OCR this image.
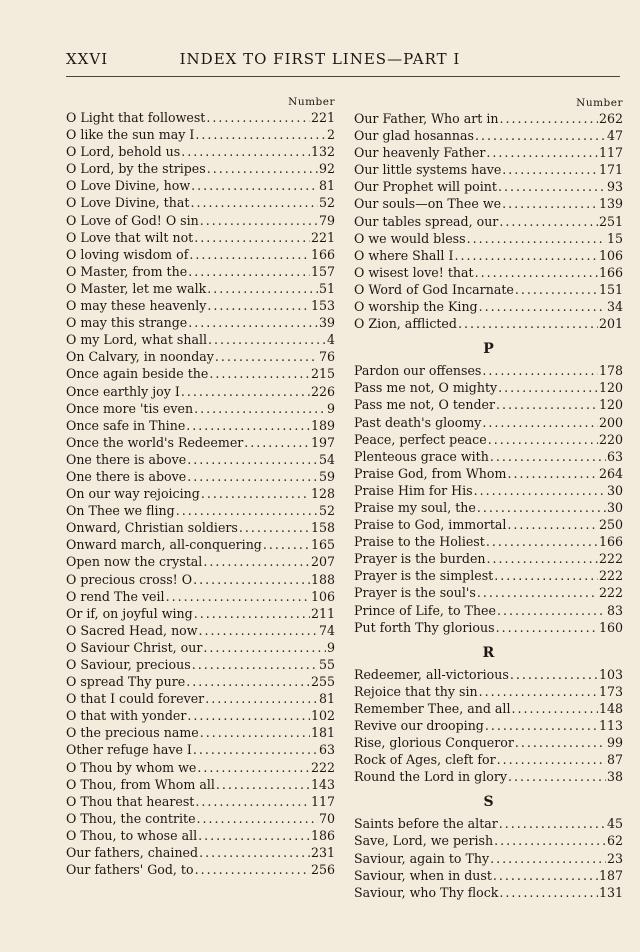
XXVI	INDEX TO FIRST LINES—PART I
Number
O Light that followest .....	221
O like the sun may I .....	2
O Lord, behold us .....	132
O Lord, by the stripes .....	92
O Love Divine, how .....	81
O Love Divine, that .....	52
O Love of God! O sin .....	79
O Love that wilt not .....	221
O loving wisdom of .....	166
O Master, from the .....	157
O Master, let me walk .....	51
O may these heavenly .....	153
O may this strange .....	39
O my Lord, what shall .....	4
On Calvary, in noonday .....	76
Once again beside the .....	215
Once earthly joy I .....	226
Once more 'tis even .....	9
Once safe in Thine .....	189
Once the world's Redeemer .....	197
One there is above .....	54
One there is above .....	59
On our way rejoicing .....	128
On Thee we fling .....	52
Onward, Christian soldiers .....	158
Onward march, all-conquering .....	165
Open now the crystal .....	207
O precious cross! O .....	188
O rend The veil .....	106
Or if, on joyful wing .....	211
O Sacred Head, now .....	74
O Saviour Christ, our .....	9
O Saviour, precious .....	55
O spread Thy pure .....	255
O that I could forever .....	81
O that with yonder .....	102
O the precious name .....	181
Other refuge have I .....	63
O Thou by whom we .....	222
O Thou, from Whom all .....	143
O Thou that hearest .....	117
O Thou, the contrite .....	70
O Thou, to whose all .....	186
Our fathers, chained .....	231
Our fathers' God, to .....	256
Number
Our Father, Who art in .....	262
Our glad hosannas .....	47
Our heavenly Father .....	117
Our little systems have .....	171
Our Prophet will point .....	93
Our souls—on Thee we .....	139
Our tables spread, our .....	251
O we would bless .....	15
O where Shall I .....	106
O wisest love! that .....	166
O Word of God Incarnate .....	151
O worship the King .....	34
O Zion, afflicted .....	201
P
Pardon our offenses .....	178
Pass me not, O mighty .....	120
Pass me not, O tender .....	120
Past death's gloomy .....	200
Peace, perfect peace .....	220
Plenteous grace with .....	63
Praise God, from Whom .....	264
Praise Him for His .....	30
Praise my soul, the .....	30
Praise to God, immortal .....	250
Praise to the Holiest .....	166
Prayer is the burden .....	222
Prayer is the simplest .....	222
Prayer is the soul's .....	222
Prince of Life, to Thee .....	83
Put forth Thy glorious .....	160
R
Redeemer, all-victorious .....	103
Rejoice that thy sin .....	173
Remember Thee, and all .....	148
Revive our drooping .....	113
Rise, glorious Conqueror .....	99
Rock of Ages, cleft for .....	87
Round the Lord in glory .....	38
S
Saints before the altar .....	45
Save, Lord, we perish .....	62
Saviour, again to Thy .....	23
Saviour, when in dust .....	187
Saviour, who Thy flock .....	131
